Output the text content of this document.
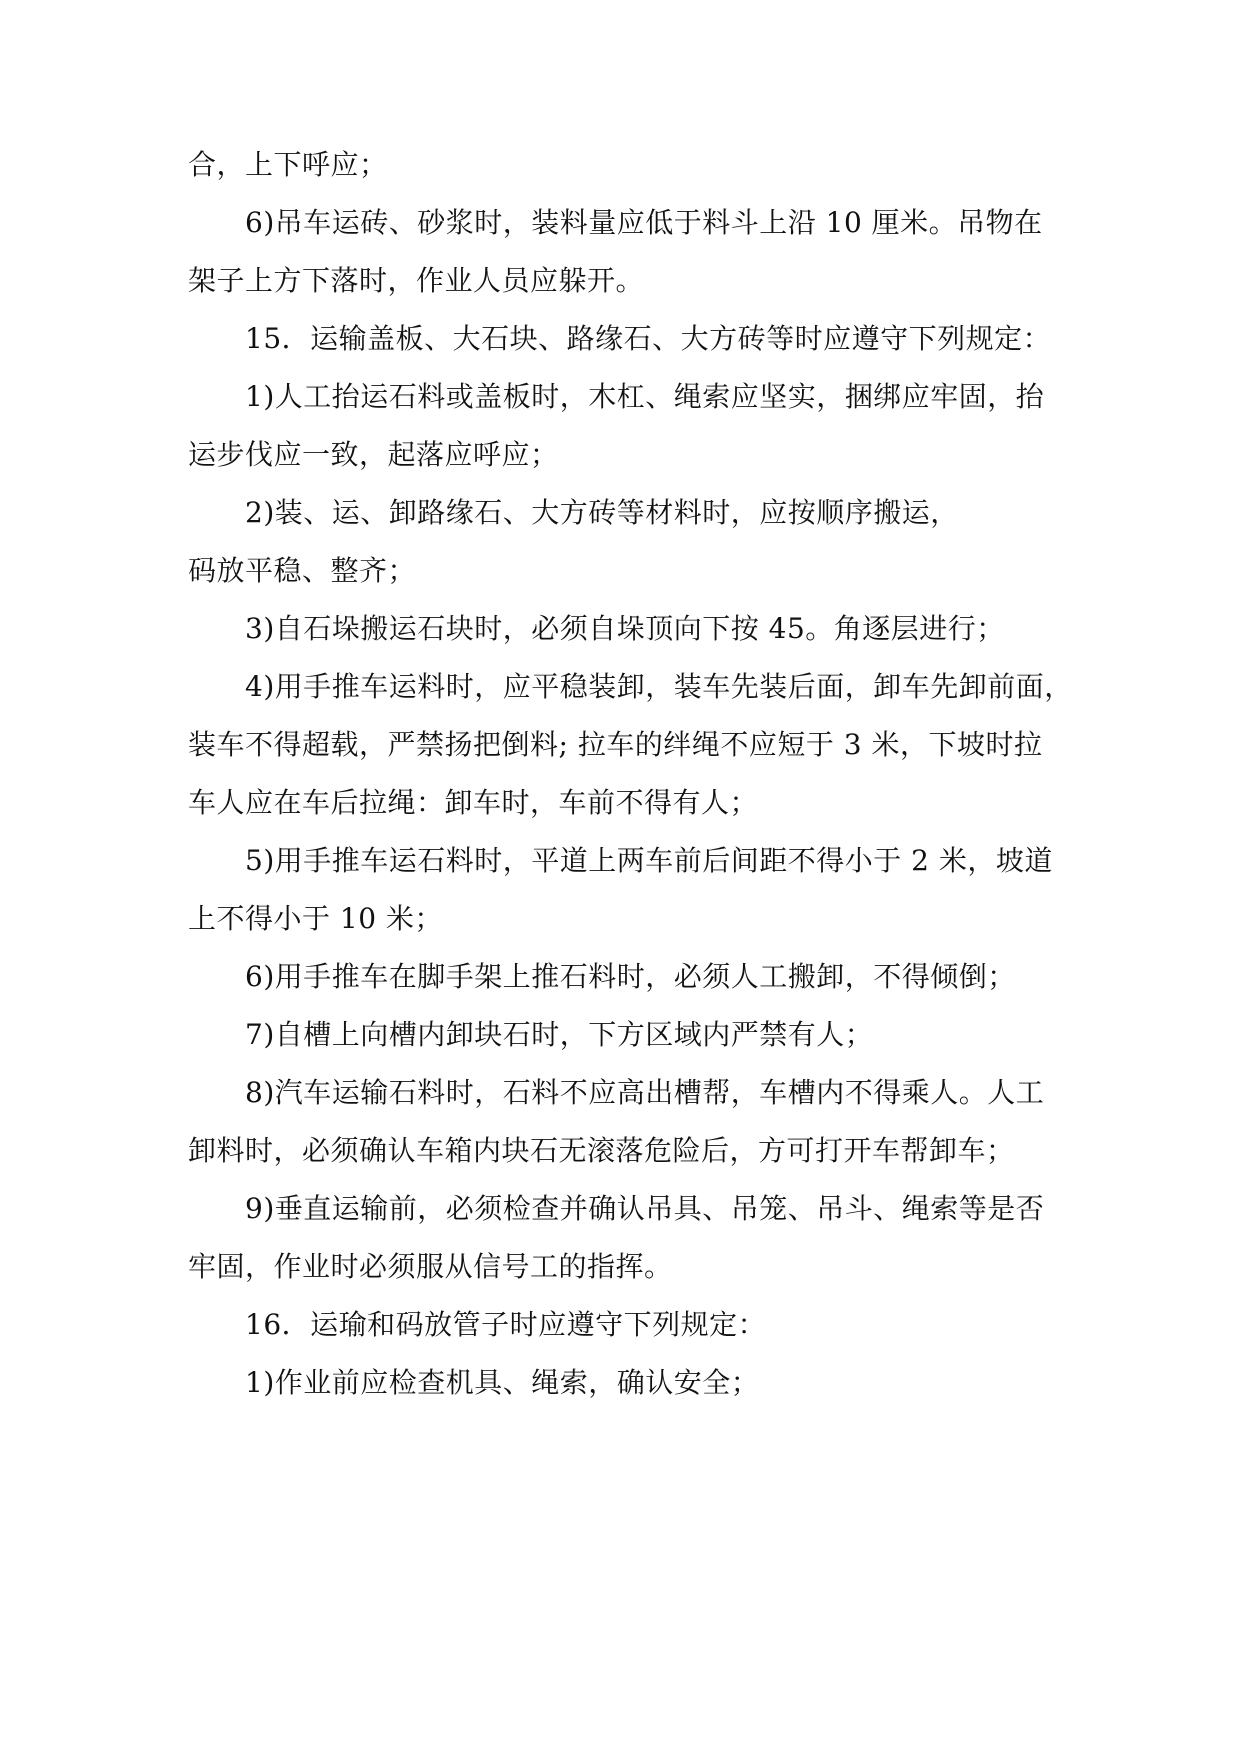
合，上下呼应；

6)吊车运砖、砂浆时，装料量应低于料斗上沿 10 厘米。吊物在

架子上方下落时，作业人员应躲开。

15．运输盖板、大石块、路缘石、大方砖等时应遵守下列规定：

1)人工抬运石料或盖板时，木杠、绳索应坚实，捆绑应牢固，抬

运步伐应一致，起落应呼应；

2)装、运、卸路缘石、大方砖等材料时，应按顺序搬运，

码放平稳、整齐；

3)自石垛搬运石块时，必须自垛顶向下按 45。角逐层进行；

4)用手推车运料时，应平稳装卸，装车先装后面，卸车先卸前面，

装车不得超载，严禁扬把倒料; 拉车的绊绳不应短于 3 米，下坡时拉

车人应在车后拉绳：卸车时，车前不得有人；

5)用手推车运石料时，平道上两车前后间距不得小于 2 米，坡道

上不得小于 10 米；

6)用手推车在脚手架上推石料时，必须人工搬卸，不得倾倒；

7)自槽上向槽内卸块石时，下方区域内严禁有人；

8)汽车运输石料时，石料不应高出槽帮，车槽内不得乘人。人工

卸料时，必须确认车箱内块石无滚落危险后，方可打开车帮卸车；

9)垂直运输前，必须检查并确认吊具、吊笼、吊斗、绳索等是否

牢固，作业时必须服从信号工的指挥。

16．运瑜和码放管子时应遵守下列规定：

1)作业前应检查机具、绳索，确认安全；
